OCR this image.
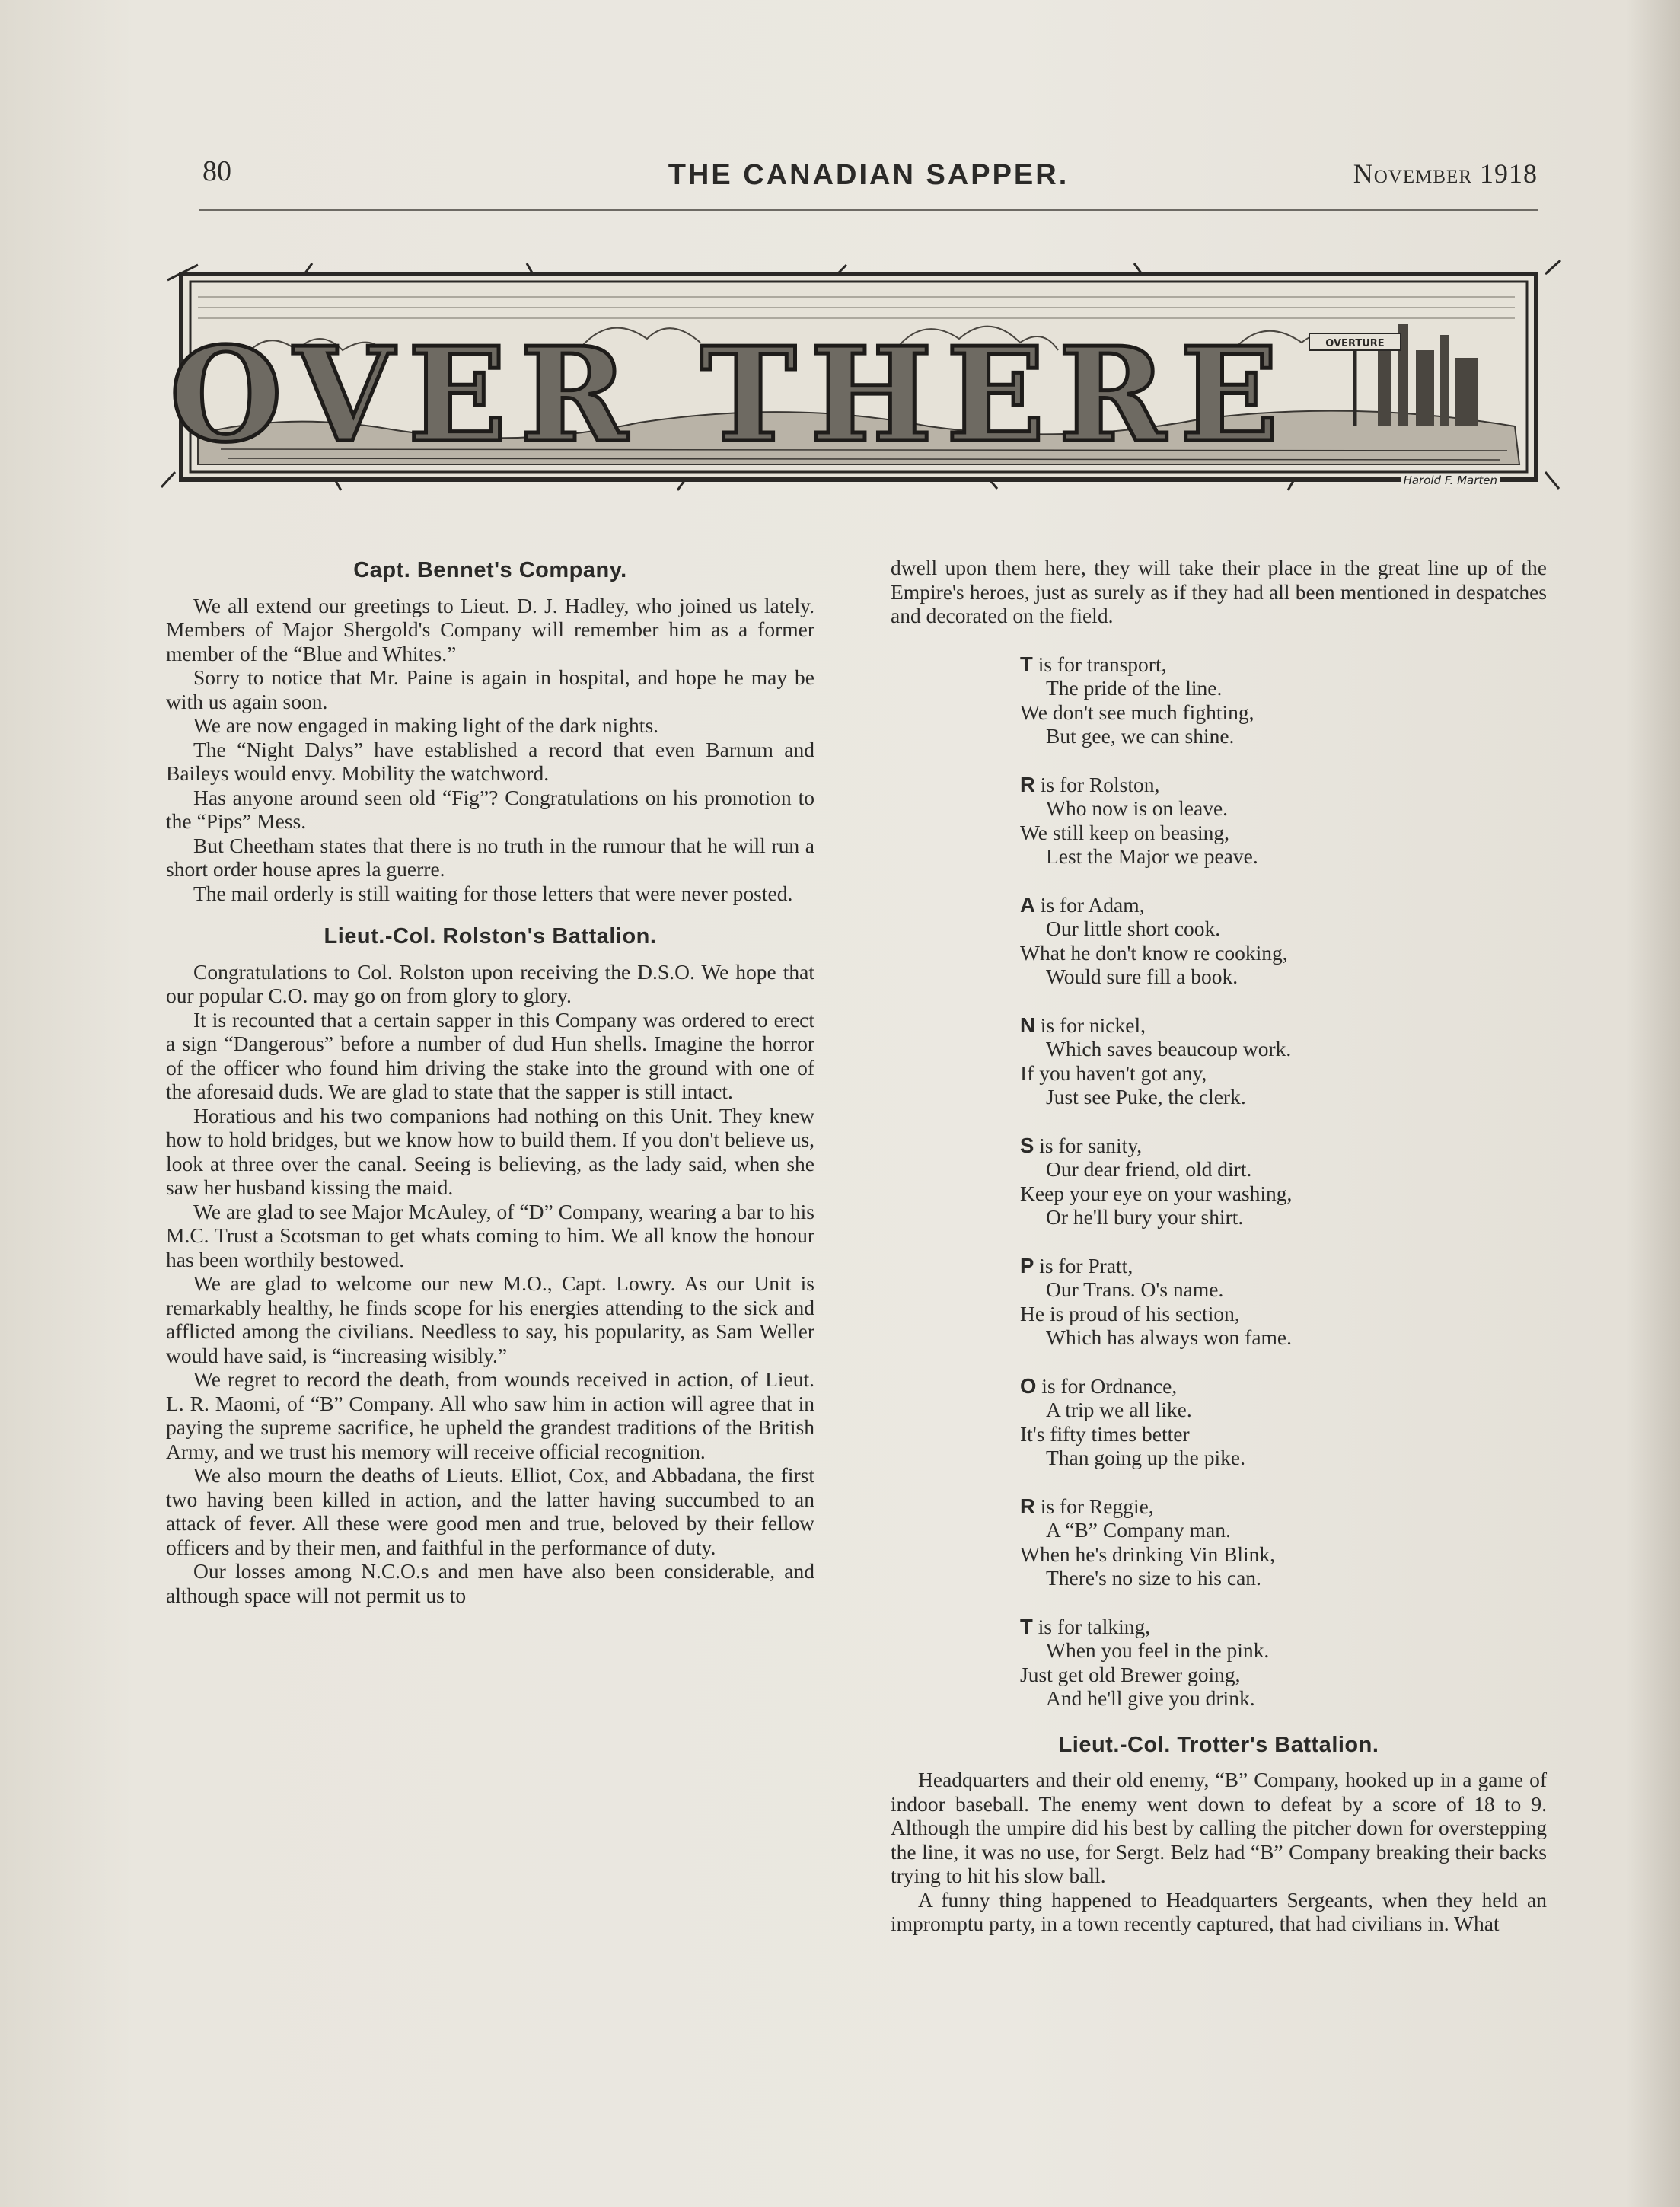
80	THE CANADIAN SAPPER.	November 1918
OVERTURE
OVER THERE
Harold F. Marten
Capt. Bennet's Company.

We all extend our greetings to Lieut. D. J. Hadley, who joined us lately. Members of Major Shergold's Company will remember him as a former member of the “Blue and Whites.”

Sorry to notice that Mr. Paine is again in hospital, and hope he may be with us again soon.

We are now engaged in making light of the dark nights.

The “Night Dalys” have established a record that even Barnum and Baileys would envy. Mobility the watchword.

Has anyone around seen old “Fig”? Congratulations on his promotion to the “Pips” Mess.

But Cheetham states that there is no truth in the rumour that he will run a short order house apres la guerre.

The mail orderly is still waiting for those letters that were never posted.

Lieut.-Col. Rolston's Battalion.

Congratulations to Col. Rolston upon receiving the D.S.O. We hope that our popular C.O. may go on from glory to glory.

It is recounted that a certain sapper in this Company was ordered to erect a sign “Dangerous” before a number of dud Hun shells. Imagine the horror of the officer who found him driving the stake into the ground with one of the aforesaid duds. We are glad to state that the sapper is still intact.

Horatious and his two companions had nothing on this Unit. They knew how to hold bridges, but we know how to build them. If you don't believe us, look at three over the canal. Seeing is believing, as the lady said, when she saw her husband kissing the maid.

We are glad to see Major McAuley, of “D” Company, wearing a bar to his M.C. Trust a Scotsman to get whats coming to him. We all know the honour has been worthily bestowed.

We are glad to welcome our new M.O., Capt. Lowry. As our Unit is remarkably healthy, he finds scope for his energies attending to the sick and afflicted among the civilians. Needless to say, his popularity, as Sam Weller would have said, is “increasing wisibly.”

We regret to record the death, from wounds received in action, of Lieut. L. R. Maomi, of “B” Company. All who saw him in action will agree that in paying the supreme sacrifice, he upheld the grandest traditions of the British Army, and we trust his memory will receive official recognition.

We also mourn the deaths of Lieuts. Elliot, Cox, and Abbadana, the first two having been killed in action, and the latter having succumbed to an attack of fever. All these were good men and true, beloved by their fellow officers and by their men, and faithful in the performance of duty.

Our losses among N.C.O.s and men have also been considerable, and although space will not permit us to

dwell upon them here, they will take their place in the great line up of the Empire's heroes, just as surely as if they had all been mentioned in despatches and decorated on the field.

T is for transport,
The pride of the line.
We don't see much fighting,
But gee, we can shine.
R is for Rolston,
Who now is on leave.
We still keep on beasing,
Lest the Major we peave.
A is for Adam,
Our little short cook.
What he don't know re cooking,
Would sure fill a book.
N is for nickel,
Which saves beaucoup work.
If you haven't got any,
Just see Puke, the clerk.
S is for sanity,
Our dear friend, old dirt.
Keep your eye on your washing,
Or he'll bury your shirt.
P is for Pratt,
Our Trans. O's name.
He is proud of his section,
Which has always won fame.
O is for Ordnance,
A trip we all like.
It's fifty times better
Than going up the pike.
R is for Reggie,
A “B” Company man.
When he's drinking Vin Blink,
There's no size to his can.
T is for talking,
When you feel in the pink.
Just get old Brewer going,
And he'll give you drink.
Lieut.-Col. Trotter's Battalion.

Headquarters and their old enemy, “B” Company, hooked up in a game of indoor baseball. The enemy went down to defeat by a score of 18 to 9. Although the umpire did his best by calling the pitcher down for overstepping the line, it was no use, for Sergt. Belz had “B” Company breaking their backs trying to hit his slow ball.

A funny thing happened to Headquarters Sergeants, when they held an impromptu party, in a town recently captured, that had civilians in. What
